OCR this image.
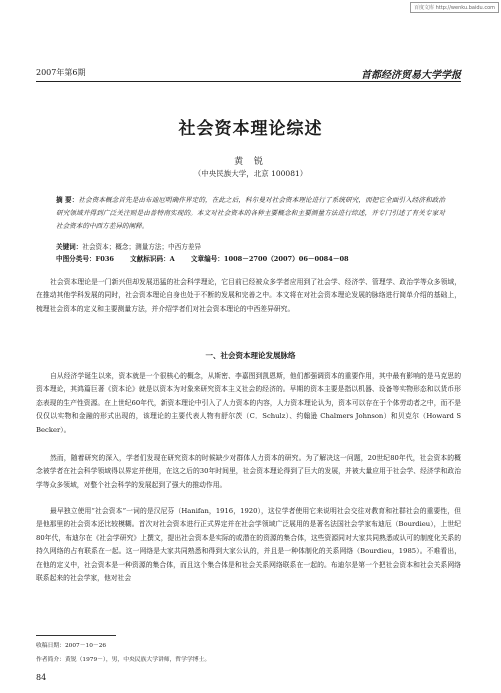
百度文库 http://wenku.baidu.com
2007年第6期	首都经济贸易大学学报
社会资本理论综述
黄 锐
（中央民族大学，北京 100081）
摘 要：社会资本概念首先是由布迪厄明确作界定的，在此之后，科尔曼对社会资本理论进行了系统研究，而把它全面引入经济和政治研究领域并得到广泛关注则是由普特南实现的。本文对社会资本的各种主要概念和主要测量方法进行综述，并专门引述了有关专家对社会资本的中西方差异的阐释。
关键词：社会资本；概念；测量方法；中西方差异
中图分类号：F036 文献标识码：A 文章编号：1008－2700（2007）06－0084－08

社会资本理论是一门新兴但却发展迅猛的社会科学理论，它目前已经被众多学者应用到了社会学、经济学、管理学、政治学等众多领域，在推动其他学科发展的同时，社会资本理论自身也处于不断的发展和完善之中。本文将在对社会资本理论发展的脉络进行简单介绍的基础上，梳理社会资本的定义和主要测量方法，并介绍学者们对社会资本理论的中西差异研究。

一、社会资本理论发展脉络

自从经济学诞生以来，资本就是一个很核心的概念，从斯密、李嘉图到凯恩斯，他们都强调资本的重要作用，其中最有影响的是马克思的资本理论，其鸿篇巨著《资本论》就是以资本为对象来研究资本主义社会的经济的。早期的资本主要是指以机器、设备等实物形态和以货币形态表现的生产性资源。在上世纪60年代，新资本理论中引入了人力资本的内容，人力资本理论认为，资本可以存在于个体劳动者之中，而不是仅仅以实物和金融的形式出现的，该理论的主要代表人物有舒尔茨（C．Schulz）、约翰逊 Chalmers Johnson）和贝克尔（Howard S Becker）。

然而，随着研究的深入，学者们发现在研究资本的时候缺少对群体人力资本的研究。为了解决这一问题，20世纪80年代，社会资本的概念被学者在社会科学领域得以界定并使用，在这之后的30年时间里，社会资本理论得到了巨大的发展，并被大量应用于社会学、经济学和政治学等众多领域，对整个社会科学的发展起到了强大的推动作用。

最早独立使用“社会资本”一词的是汉尼芬（Hanifan，1916，1920），这位学者使用它来说明社会交往对教育和社群社会的重要性，但是他那里的社会资本还比较模糊。首次对社会资本进行正式界定并在社会学领域广泛展用的是著名法国社会学家布迪厄（Bourdieu），上世纪80年代，布迪尔在《社会学研究》上撰文，提出社会资本是实际的或潜在的资源的集合体，这些资源同对大家共同熟悉或认可的制度化关系的持久网络的占有联系在一起。这一网络是大家共同熟悉和得到大家公认的，并且是一种体制化的关系网络（Bourdieu，1985）。不难看出，在他的定义中，社会资本是一种资源的集合体，而且这个集合体是和社会关系网络联系在一起的。布迪尔是第一个把社会资本和社会关系网络联系起来的社会学家，他对社会

收稿日期：2007－10－26
作者简介：黄锐（1979－），男，中央民族大学讲师，哲学学博士。
84
